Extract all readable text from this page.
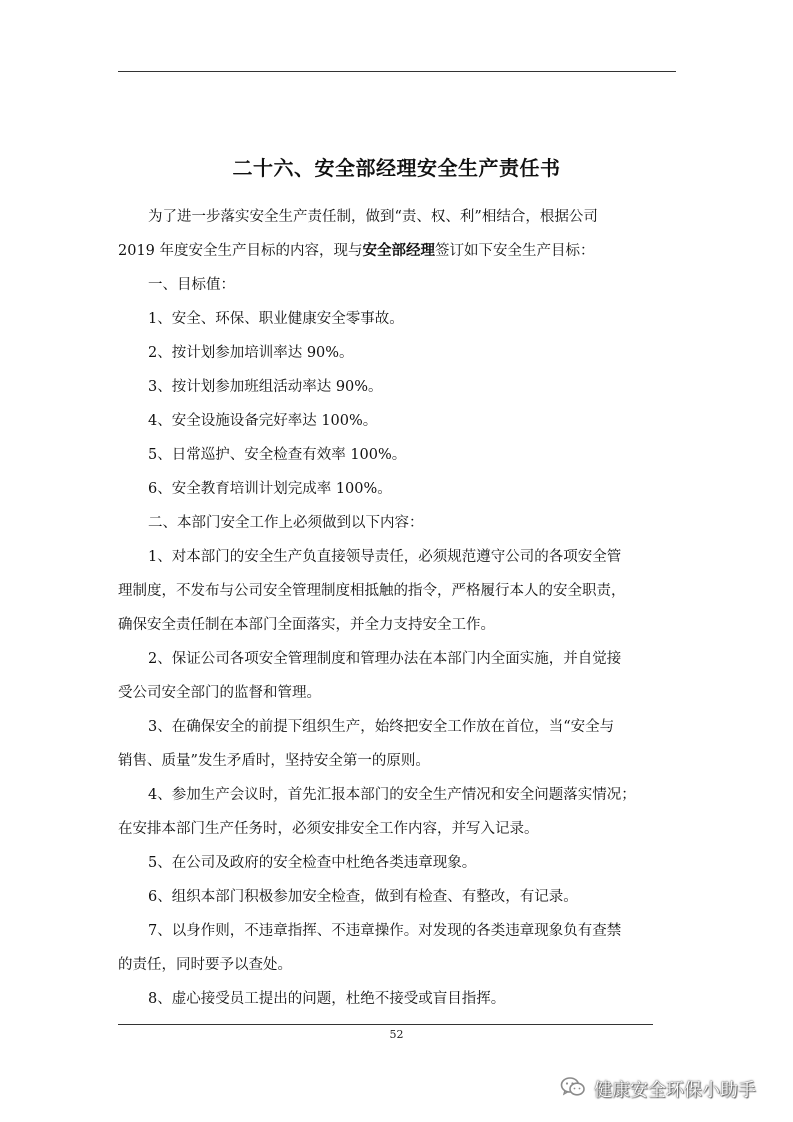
二十六、安全部经理安全生产责任书
为了进一步落实安全生产责任制，做到“责、权、利”相结合，根据公司
2019 年度安全生产目标的内容，现与安全部经理签订如下安全生产目标：
一、目标值：
1、安全、环保、职业健康安全零事故。
2、按计划参加培训率达 90%。
3、按计划参加班组活动率达 90%。
4、安全设施设备完好率达 100%。
5、日常巡护、安全检查有效率 100%。
6、安全教育培训计划完成率 100%。
二、本部门安全工作上必须做到以下内容：
1、对本部门的安全生产负直接领导责任，必须规范遵守公司的各项安全管
理制度，不发布与公司安全管理制度相抵触的指令，严格履行本人的安全职责，
确保安全责任制在本部门全面落实，并全力支持安全工作。
2、保证公司各项安全管理制度和管理办法在本部门内全面实施，并自觉接
受公司安全部门的监督和管理。
3、在确保安全的前提下组织生产，始终把安全工作放在首位，当“安全与
销售、质量”发生矛盾时，坚持安全第一的原则。
4、参加生产会议时，首先汇报本部门的安全生产情况和安全问题落实情况；
在安排本部门生产任务时，必须安排安全工作内容，并写入记录。
5、在公司及政府的安全检查中杜绝各类违章现象。
6、组织本部门积极参加安全检查，做到有检查、有整改，有记录。
7、以身作则，不违章指挥、不违章操作。对发现的各类违章现象负有查禁
的责任，同时要予以查处。
8、虚心接受员工提出的问题，杜绝不接受或盲目指挥。
52
健康安全环保小助手
